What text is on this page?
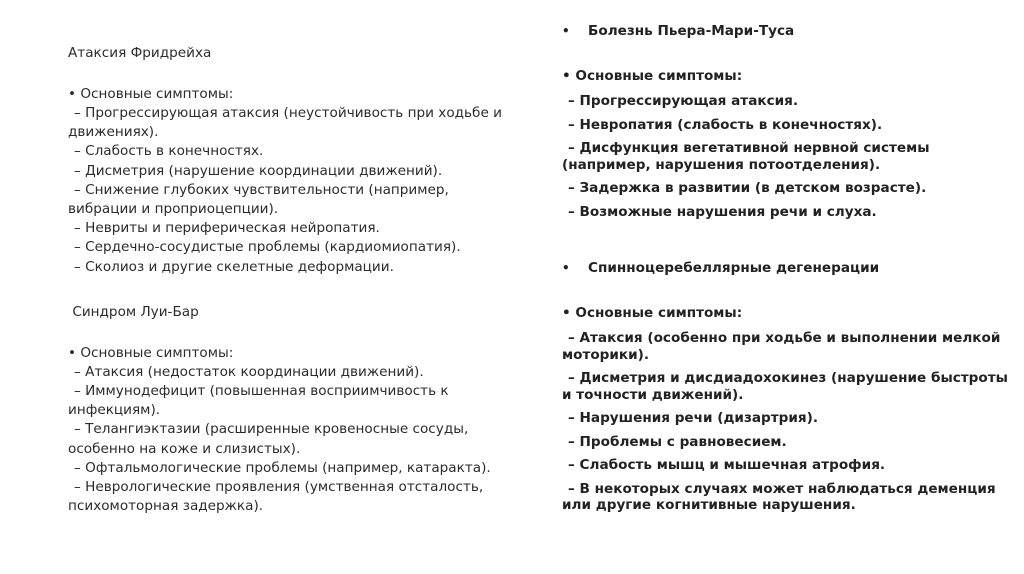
Атаксия Фридрейха
• Основные симптомы:
– Прогрессирующая атаксия (неустойчивость при ходьбе и движениях).
– Слабость в конечностях.
– Дисметрия (нарушение координации движений).
– Снижение глубоких чувствительности (например, вибрации и проприоцепции).
– Невриты и периферическая нейропатия.
– Сердечно-сосудистые проблемы (кардиомиопатия).
– Сколиоз и другие скелетные деформации.
Синдром Луи-Бар
• Основные симптомы:
– Атаксия (недостаток координации движений).
– Иммунодефицит (повышенная восприимчивость к инфекциям).
– Телангиэктазии (расширенные кровеносные сосуды, особенно на коже и слизистых).
– Офтальмологические проблемы (например, катаракта).
– Неврологические проявления (умственная отсталость, психомоторная задержка).
•	Болезнь Пьера-Мари-Туса
• Основные симптомы:
– Прогрессирующая атаксия.
– Невропатия (слабость в конечностях).
– Дисфункция вегетативной нервной системы (например, нарушения потоотделения).
– Задержка в развитии (в детском возрасте).
– Возможные нарушения речи и слуха.
•	Спинноцеребеллярные дегенерации
• Основные симптомы:
– Атаксия (особенно при ходьбе и выполнении мелкой моторики).
– Дисметрия и дисдиадохокинез (нарушение быстроты и точности движений).
– Нарушения речи (дизартрия).
– Проблемы с равновесием.
– Слабость мышц и мышечная атрофия.
– В некоторых случаях может наблюдаться деменция или другие когнитивные нарушения.
